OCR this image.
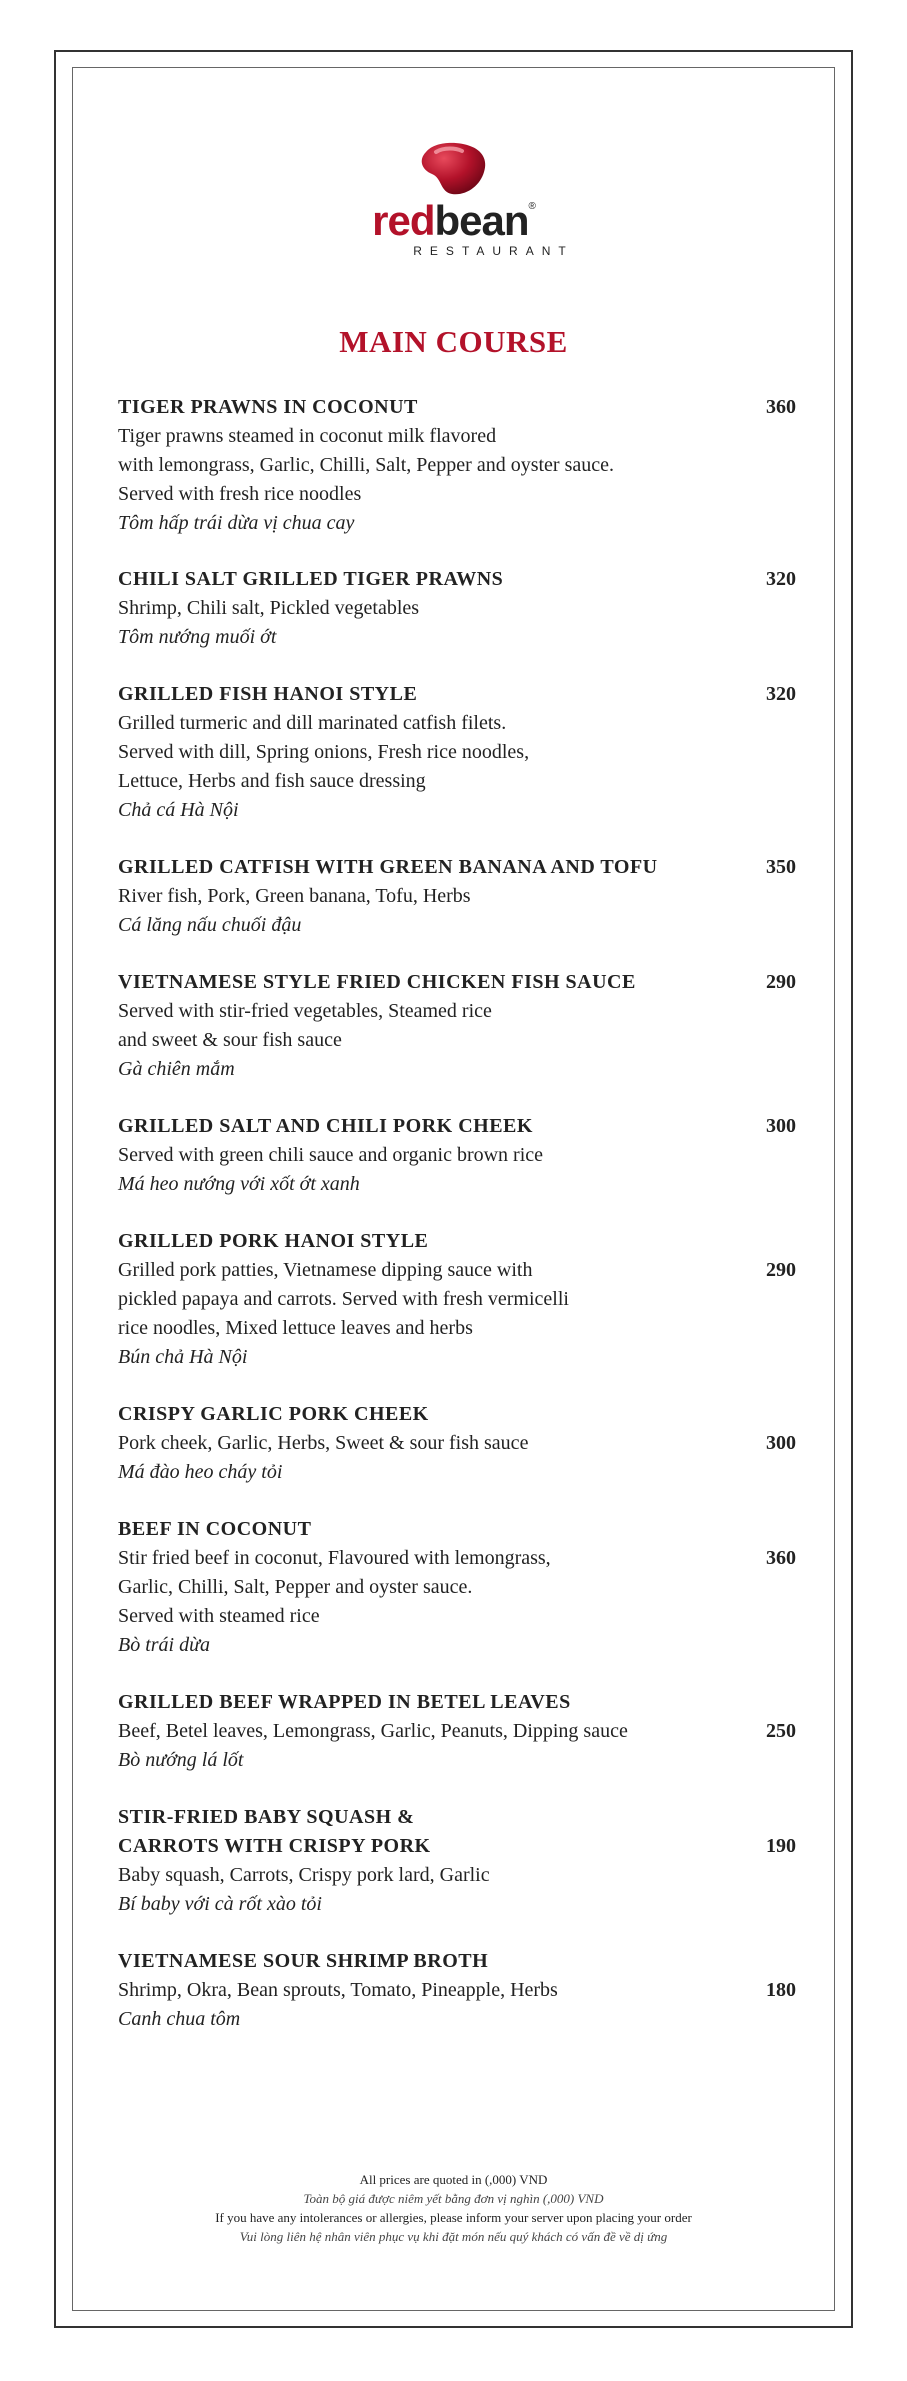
redbean®
RESTAURANT
MAIN COURSE
TIGER PRAWNS IN COCONUT
Tiger prawns steamed in coconut milk flavored
with lemongrass, Garlic, Chilli, Salt, Pepper and oyster sauce.
Served with fresh rice noodles
Tôm hấp trái dừa vị chua cay
360
CHILI SALT GRILLED TIGER PRAWNS
Shrimp, Chili salt, Pickled vegetables
Tôm nướng muối ớt
320
GRILLED FISH HANOI STYLE
Grilled turmeric and dill marinated catfish filets.
Served with dill, Spring onions, Fresh rice noodles,
Lettuce, Herbs and fish sauce dressing
Chả cá Hà Nội
320
GRILLED CATFISH WITH GREEN BANANA AND TOFU
River fish, Pork, Green banana, Tofu, Herbs
Cá lăng nấu chuối đậu
350
VIETNAMESE STYLE FRIED CHICKEN FISH SAUCE
Served with stir-fried vegetables, Steamed rice
and sweet & sour fish sauce
Gà chiên mắm
290
GRILLED SALT AND CHILI PORK CHEEK
Served with green chili sauce and organic brown rice
Má heo nướng với xốt ớt xanh
300
GRILLED PORK HANOI STYLE
Grilled pork patties, Vietnamese dipping sauce with
pickled papaya and carrots. Served with fresh vermicelli
rice noodles, Mixed lettuce leaves and herbs
Bún chả Hà Nội
290
CRISPY GARLIC PORK CHEEK
Pork cheek, Garlic, Herbs, Sweet & sour fish sauce
Má đào heo cháy tỏi
300
BEEF IN COCONUT
Stir fried beef in coconut, Flavoured with lemongrass,
Garlic, Chilli, Salt, Pepper and oyster sauce.
Served with steamed rice
Bò trái dừa
360
GRILLED BEEF WRAPPED IN BETEL LEAVES
Beef, Betel leaves, Lemongrass, Garlic, Peanuts, Dipping sauce
Bò nướng lá lốt
250
STIR-FRIED BABY SQUASH &
CARROTS WITH CRISPY PORK
Baby squash, Carrots, Crispy pork lard, Garlic
Bí baby với cà rốt xào tỏi
190
VIETNAMESE SOUR SHRIMP BROTH
Shrimp, Okra, Bean sprouts, Tomato, Pineapple, Herbs
Canh chua tôm
180
All prices are quoted in (,000) VND
Toàn bộ giá được niêm yết bằng đơn vị nghìn (,000) VND
If you have any intolerances or allergies, please inform your server upon placing your order
Vui lòng liên hệ nhân viên phục vụ khi đặt món nếu quý khách có vấn đề về dị ứng
